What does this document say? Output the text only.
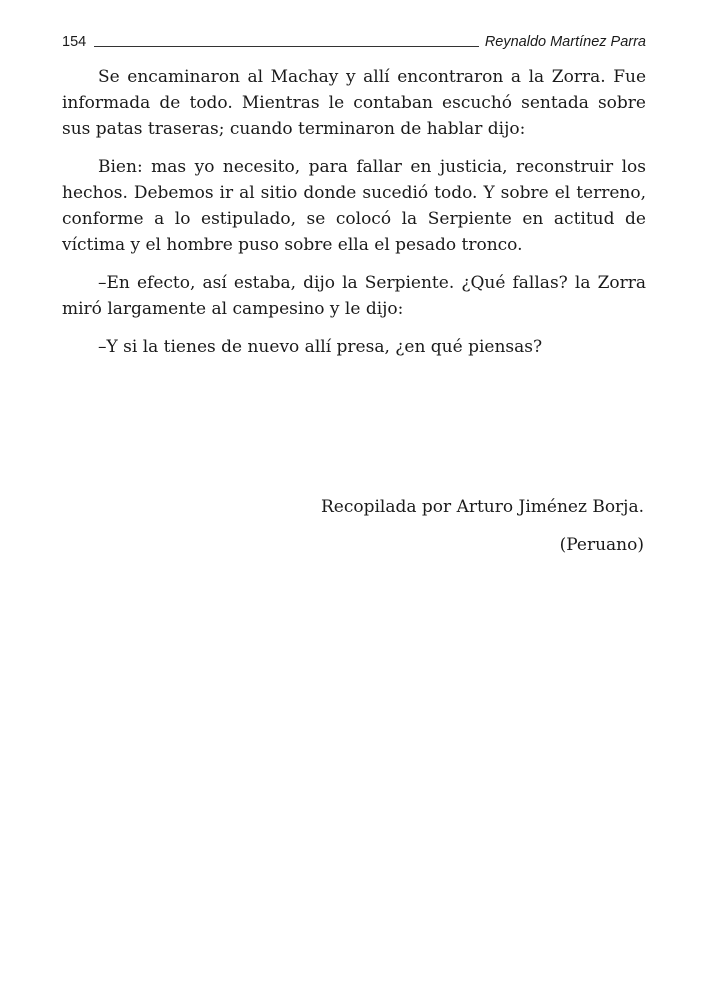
154	Reynaldo Martínez Parra

Se encaminaron al Machay y allí encontraron a la Zorra. Fue informada de todo. Mientras le contaban escuchó sentada sobre sus patas traseras; cuando terminaron de hablar dijo:

Bien: mas yo necesito, para fallar en justicia, reconstruir los hechos. Debemos ir al sitio donde sucedió todo. Y sobre el terreno, conforme a lo estipulado, se colocó la Serpiente en actitud de víctima y el hombre puso sobre ella el pesado tronco.

–En efecto, así estaba, dijo la Serpiente. ¿Qué fallas? la Zorra miró largamente al campesino y le dijo:

–Y si la tienes de nuevo allí presa, ¿en qué piensas?

Recopilada por Arturo Jiménez Borja.
(Peruano)
